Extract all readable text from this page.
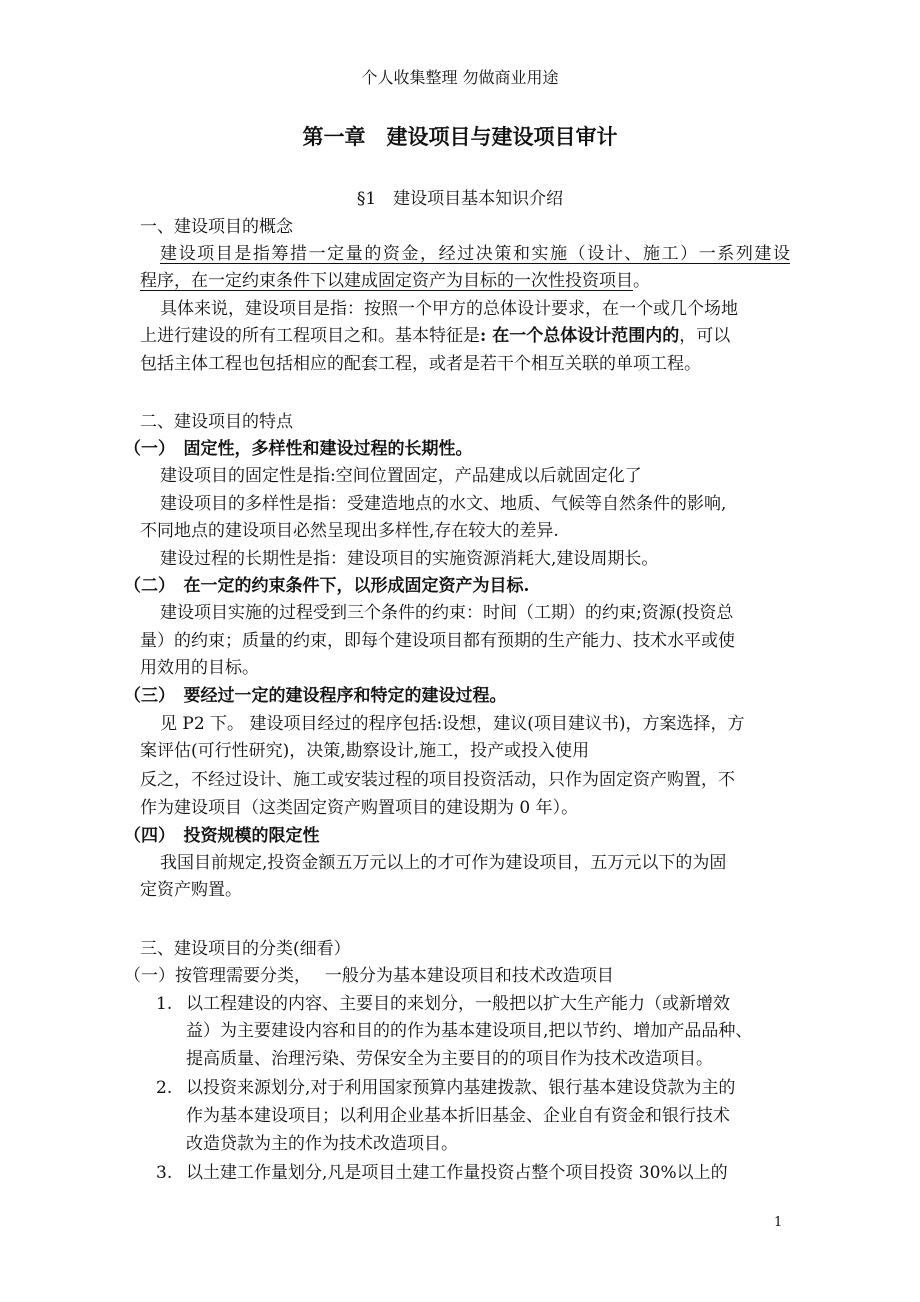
个人收集整理 勿做商业用途
第一章　建设项目与建设项目审计
§1　建设项目基本知识介绍
一、建设项目的概念
建设项目是指筹措一定量的资金，经过决策和实施（设计、施工）一系列建设
程序，在一定约束条件下以建成固定资产为目标的一次性投资项目。
具体来说，建设项目是指：按照一个甲方的总体设计要求，在一个或几个场地
上进行建设的所有工程项目之和。基本特征是: 在一个总体设计范围内的，可以
包括主体工程也包括相应的配套工程，或者是若干个相互关联的单项工程。
二、建设项目的特点
（一）　固定性，多样性和建设过程的长期性。
建设项目的固定性是指:空间位置固定，产品建成以后就固定化了
建设项目的多样性是指：受建造地点的水文、地质、气候等自然条件的影响,
不同地点的建设项目必然呈现出多样性,存在较大的差异.
建设过程的长期性是指：建设项目的实施资源消耗大,建设周期长。
（二）　在一定的约束条件下，以形成固定资产为目标.
建设项目实施的过程受到三个条件的约束：时间（工期）的约束;资源(投资总
量）的约束；质量的约束，即每个建设项目都有预期的生产能力、技术水平或使
用效用的目标。
（三）　要经过一定的建设程序和特定的建设过程。
见 P2 下。 建设项目经过的程序包括:设想，建议(项目建议书)，方案选择，方
案评估(可行性研究)，决策,勘察设计,施工，投产或投入使用
反之，不经过设计、施工或安装过程的项目投资活动，只作为固定资产购置，不
作为建设项目（这类固定资产购置项目的建设期为 0 年）。
（四）　投资规模的限定性
我国目前规定,投资金额五万元以上的才可作为建设项目，五万元以下的为固
定资产购置。
三、建设项目的分类(细看）
（一）按管理需要分类，　 一般分为基本建设项目和技术改造项目
1. 以工程建设的内容、主要目的来划分，一般把以扩大生产能力（或新增效
益）为主要建设内容和目的的作为基本建设项目,把以节约、增加产品品种、
提高质量、治理污染、劳保安全为主要目的的项目作为技术改造项目。
2. 以投资来源划分,对于利用国家预算内基建拨款、银行基本建设贷款为主的
作为基本建设项目；以利用企业基本折旧基金、企业自有资金和银行技术
改造贷款为主的作为技术改造项目。
3. 以土建工作量划分,凡是项目土建工作量投资占整个项目投资 30%以上的
1
